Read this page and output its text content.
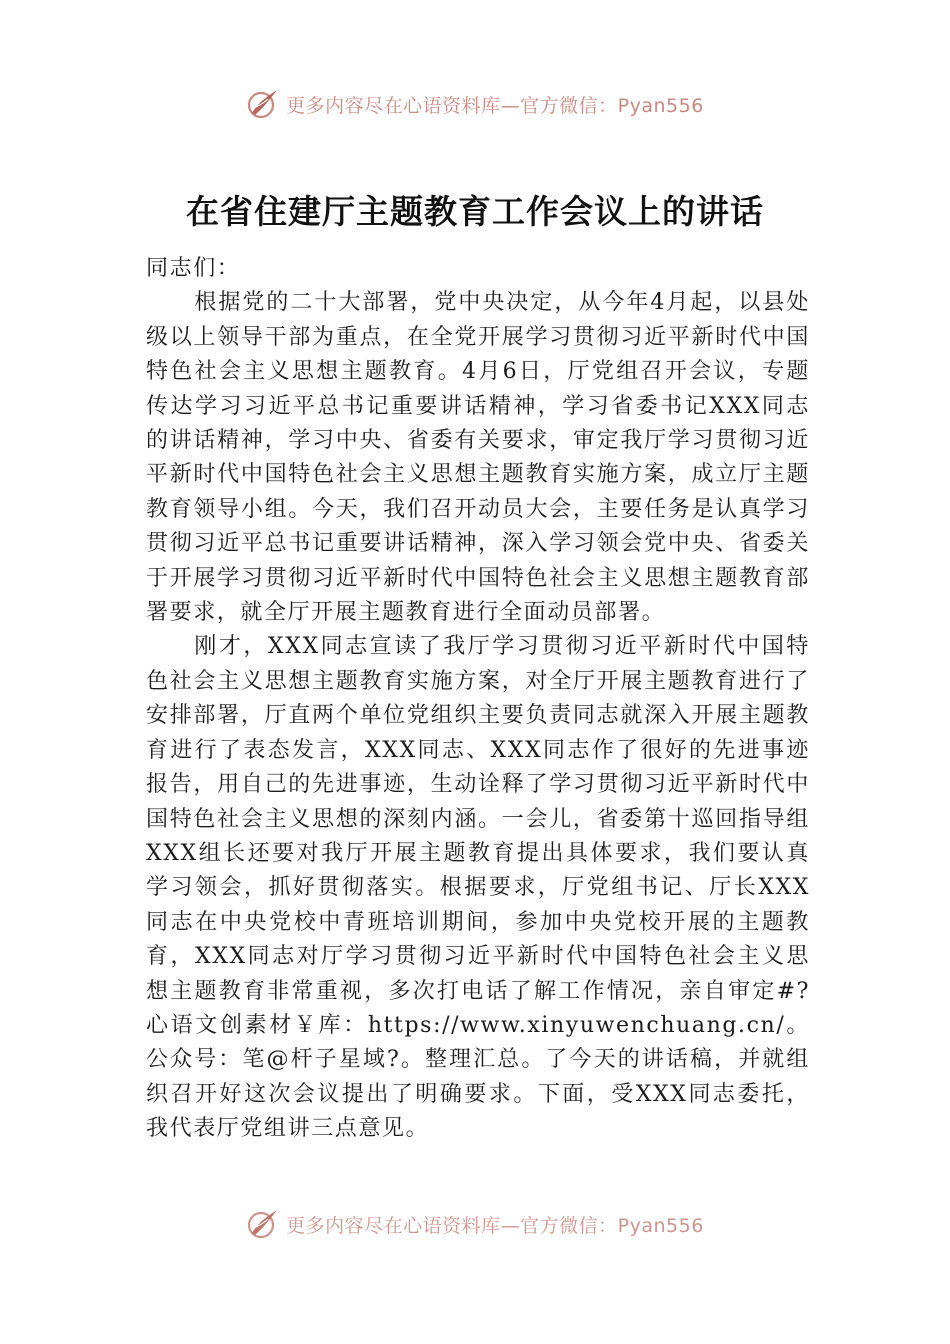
更多内容尽在心语资料库—官方微信：Pyan556
在省住建厅主题教育工作会议上的讲话

同志们：

根据党的二十大部署，党中央决定，从今年4月起，以县处级以上领导干部为重点，在全党开展学习贯彻习近平新时代中国特色社会主义思想主题教育。4月6日，厅党组召开会议，专题传达学习习近平总书记重要讲话精神，学习省委书记XXX同志的讲话精神，学习中央、省委有关要求，审定我厅学习贯彻习近平新时代中国特色社会主义思想主题教育实施方案，成立厅主题教育领导小组。今天，我们召开动员大会，主要任务是认真学习贯彻习近平总书记重要讲话精神，深入学习领会党中央、省委关于开展学习贯彻习近平新时代中国特色社会主义思想主题教育部署要求，就全厅开展主题教育进行全面动员部署。

刚才，XXX同志宣读了我厅学习贯彻习近平新时代中国特色社会主义思想主题教育实施方案，对全厅开展主题教育进行了安排部署，厅直两个单位党组织主要负责同志就深入开展主题教育进行了表态发言，XXX同志、XXX同志作了很好的先进事迹报告，用自己的先进事迹，生动诠释了学习贯彻习近平新时代中国特色社会主义思想的深刻内涵。一会儿，省委第十巡回指导组XXX组长还要对我厅开展主题教育提出具体要求，我们要认真学习领会，抓好贯彻落实。根据要求，厅党组书记、厅长XXX同志在中央党校中青班培训期间，参加中央党校开展的主题教育，XXX同志对厅学习贯彻习近平新时代中国特色社会主义思想主题教育非常重视，多次打电话了解工作情况，亲自审定#?心语文创素材￥库：https://www.xinyuwenchuang.cn/。公众号：笔@杆子星域?。整理汇总。了今天的讲话稿，并就组织召开好这次会议提出了明确要求。下面，受XXX同志委托，我代表厅党组讲三点意见。

更多内容尽在心语资料库—官方微信：Pyan556
